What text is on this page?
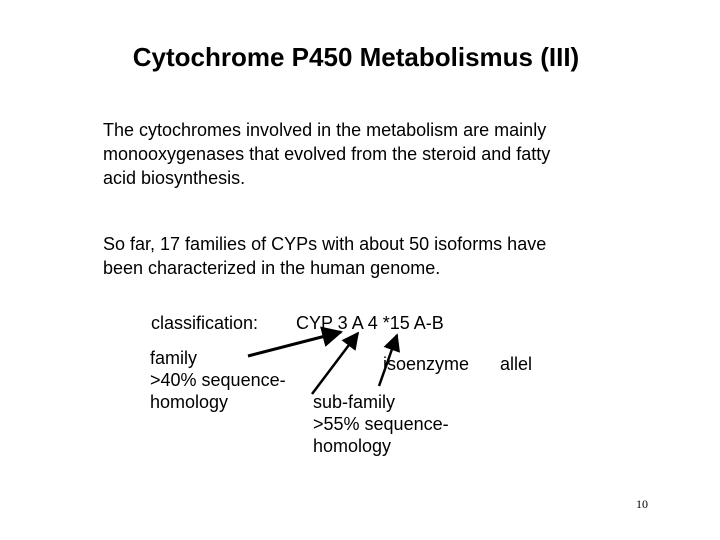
Cytochrome P450 Metabolismus (III)
The cytochromes involved in the metabolism are mainly
monooxygenases that evolved from the steroid and fatty
acid biosynthesis.
So far, 17 families of CYPs with about 50 isoforms have
been characterized in the human genome.
classification: CYP 3 A 4 *15 A-B
family
>40% sequence-
homology
isoenzyme allel
sub-family
>55% sequence-
homology
10
